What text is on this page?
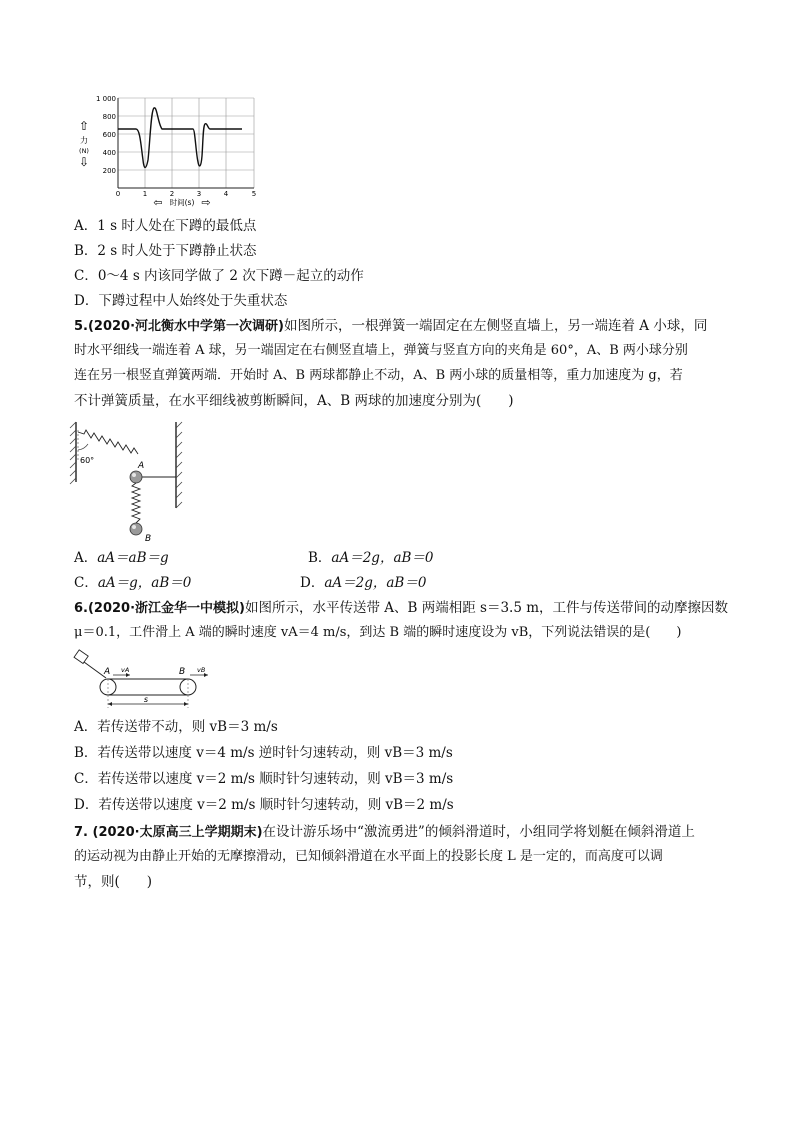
1 000
800
600
400
200
⇧
力
(N)
⇩
0	1	2	3	4	5
⇦ 时间(s) ⇨
A．1 s 时人处在下蹲的最低点
B．2 s 时人处于下蹲静止状态
C．0～4 s 内该同学做了 2 次下蹲－起立的动作
D．下蹲过程中人始终处于失重状态
5.(2020·河北衡水中学第一次调研)如图所示，一根弹簧一端固定在左侧竖直墙上，另一端连着 A 小球，同
时水平细线一端连着 A 球，另一端固定在右侧竖直墙上，弹簧与竖直方向的夹角是 60°，A、B 两小球分别
连在另一根竖直弹簧两端．开始时 A、B 两球都静止不动，A、B 两小球的质量相等，重力加速度为 g，若
不计弹簧质量，在水平细线被剪断瞬间，A、B 两球的加速度分别为(　　)
60°
A
B
A．aA＝aB＝g	B．aA＝2g，aB＝0
C．aA＝g，aB＝0	D．aA＝2g，aB＝0
6.(2020·浙江金华一中模拟)如图所示，水平传送带 A、B 两端相距 s＝3.5 m，工件与传送带间的动摩擦因数
μ＝0.1，工件滑上 A 端的瞬时速度 vA＝4 m/s，到达 B 端的瞬时速度设为 vB，下列说法错误的是(　　)
A	B
vA	vB
s
A．若传送带不动，则 vB＝3 m/s
B．若传送带以速度 v＝4 m/s 逆时针匀速转动，则 vB＝3 m/s
C．若传送带以速度 v＝2 m/s 顺时针匀速转动，则 vB＝3 m/s
D．若传送带以速度 v＝2 m/s 顺时针匀速转动，则 vB＝2 m/s
7. (2020·太原高三上学期期末)在设计游乐场中“激流勇进”的倾斜滑道时，小组同学将划艇在倾斜滑道上
的运动视为由静止开始的无摩擦滑动，已知倾斜滑道在水平面上的投影长度 L 是一定的，而高度可以调
节，则(　　)
